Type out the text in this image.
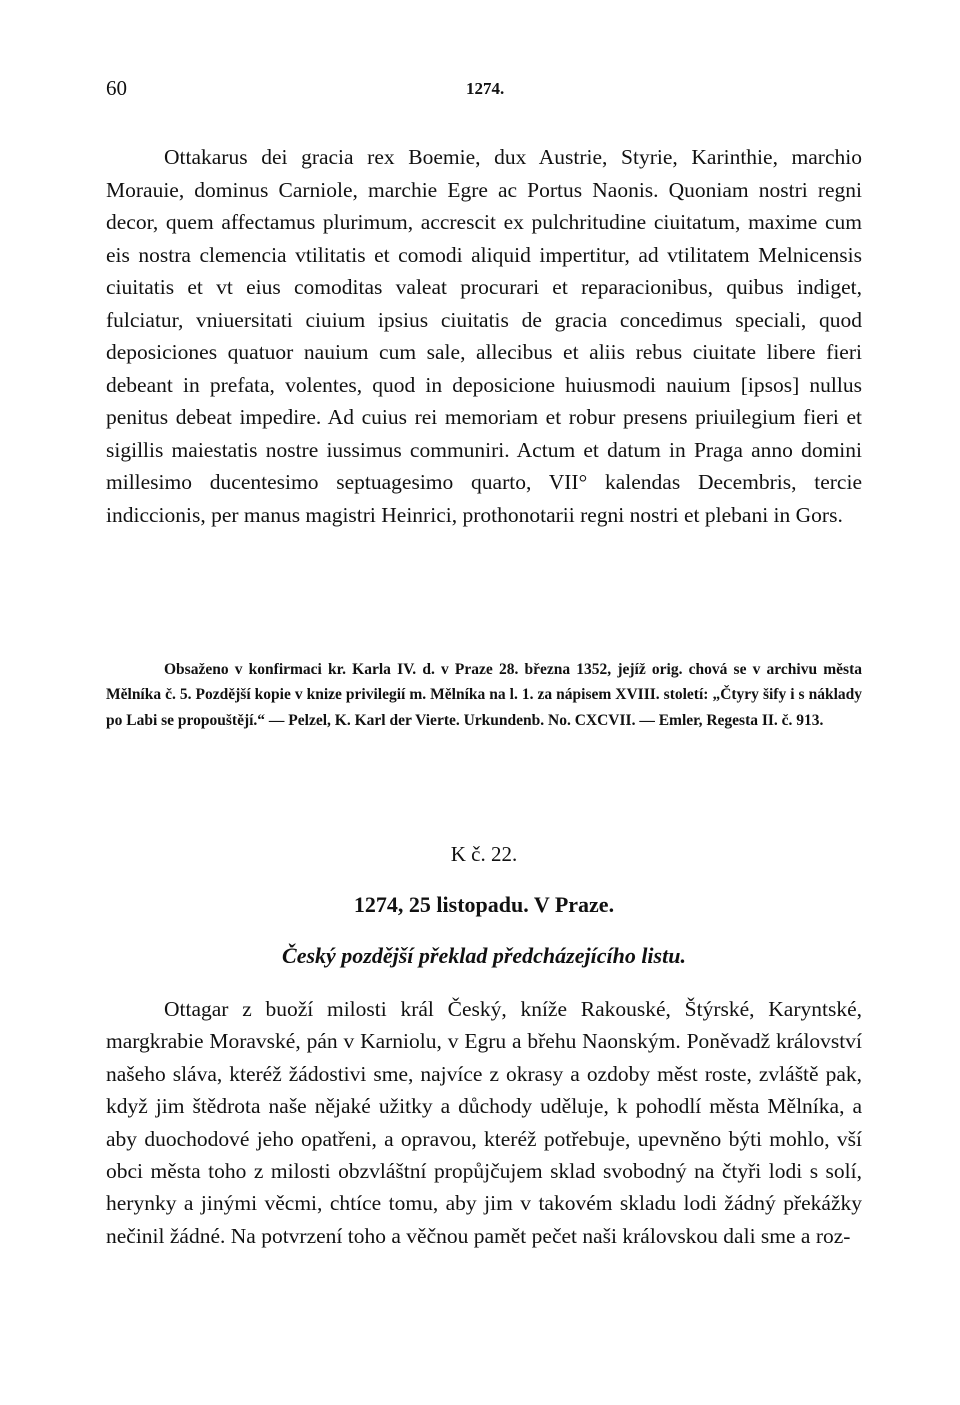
60	1274.

Ottakarus dei gracia rex Boemie, dux Austrie, Styrie, Karinthie, marchio Morauie, dominus Carniole, marchie Egre ac Portus Naonis. Quoniam nostri regni decor, quem affectamus plurimum, accrescit ex pulchritudine ciuitatum, maxime cum eis nostra clemencia vtilitatis et comodi aliquid impertitur, ad vtilitatem Melnicensis ciuitatis et vt eius comoditas valeat procurari et reparacionibus, quibus indiget, fulciatur, vniuersitati ciuium ipsius ciuitatis de gracia concedimus speciali, quod deposiciones quatuor nauium cum sale, allecibus et aliis rebus ciuitate libere fieri debeant in prefata, volentes, quod in deposicione huiusmodi nauium [ipsos] nullus penitus debeat impedire. Ad cuius rei memoriam et robur presens priuilegium fieri et sigillis maiestatis nostre iussimus communiri. Actum et datum in Praga anno domini millesimo ducentesimo septuagesimo quarto, VII° kalendas Decembris, tercie indiccionis, per manus magistri Heinrici, prothonotarii regni nostri et plebani in Gors.

Obsaženo v konfirmaci kr. Karla IV. d. v Praze 28. března 1352, jejíž orig. chová se v archivu města Mělníka č. 5. Pozdější kopie v knize privilegií m. Mělníka na l. 1. za nápisem XVIII. století: „Čtyry šify i s náklady po Labi se propouštějí.“ — Pelzel, K. Karl der Vierte. Urkundenb. No. CXCVII. — Emler, Regesta II. č. 913.

K č. 22.
1274, 25 listopadu. V Praze.
Český pozdější překlad předcházejícího listu.

Ottagar z buoží milosti král Český, kníže Rakouské, Štýrské, Karyntské, margkrabie Moravské, pán v Karniolu, v Egru a břehu Naonským. Poněvadž království našeho sláva, kteréž žádostivi sme, najvíce z okrasy a ozdoby měst roste, zvláště pak, když jim štědrota naše nějaké užitky a důchody uděluje, k pohodlí města Mělníka, a aby duochodové jeho opatřeni, a opravou, kteréž potřebuje, upevněno býti mohlo, vší obci města toho z milosti obzvláštní propůjčujem sklad svobodný na čtyři lodi s solí, herynky a jinými věcmi, chtíce tomu, aby jim v takovém skladu lodi žádný překážky nečinil žádné. Na potvrzení toho a věčnou pamět pečet naši královskou dali sme a roz-
